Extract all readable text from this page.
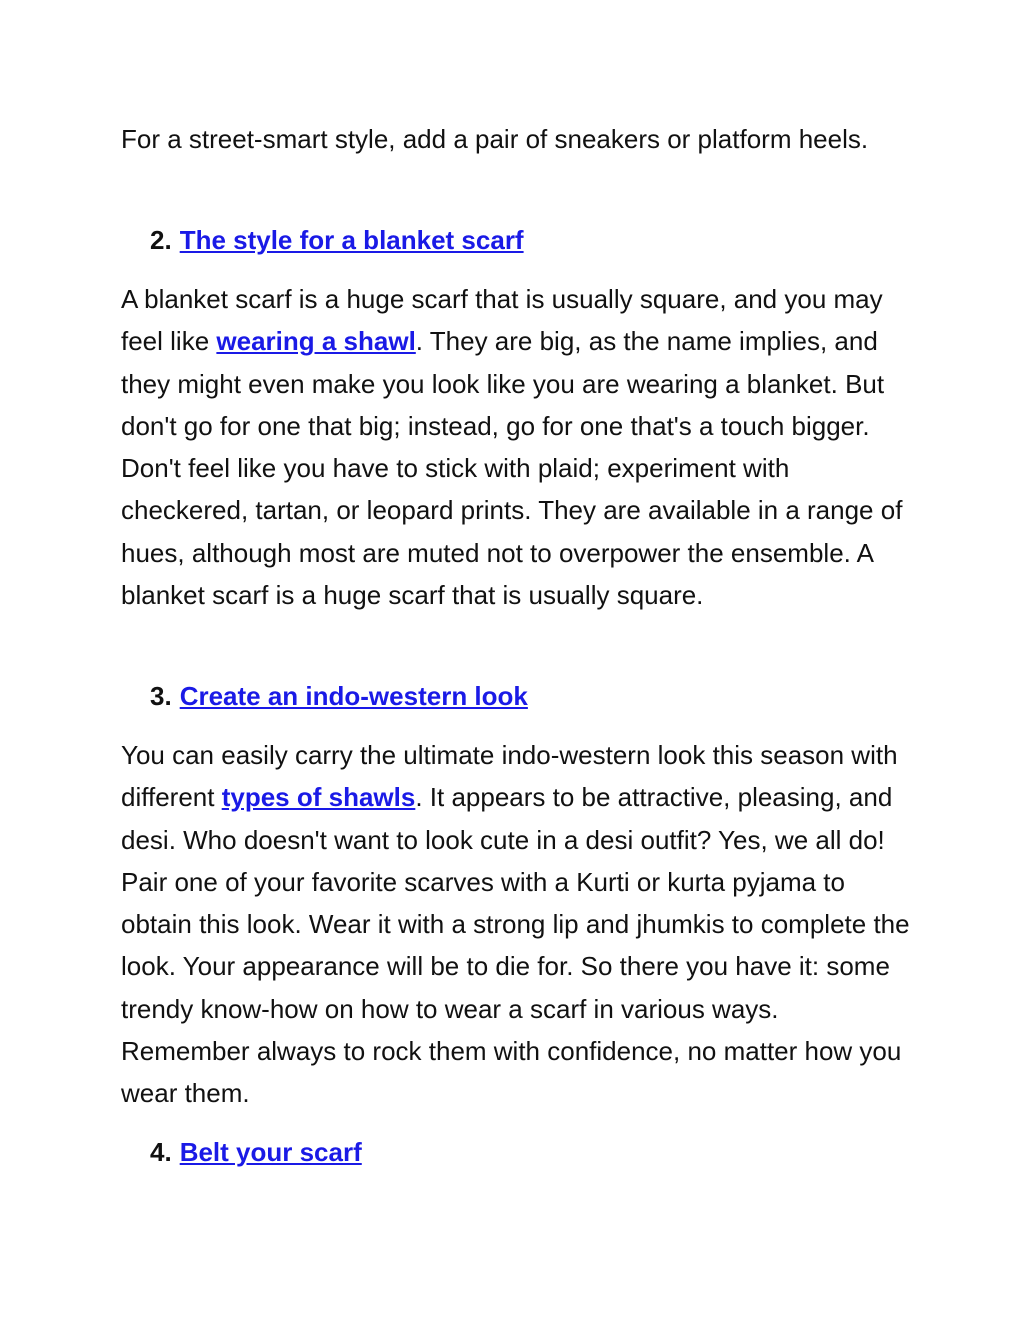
For a street-smart style, add a pair of sneakers or platform heels.

2. The style for a blanket scarf

A blanket scarf is a huge scarf that is usually square, and you may feel like wearing a shawl. They are big, as the name implies, and they might even make you look like you are wearing a blanket. But don't go for one that big; instead, go for one that's a touch bigger. Don't feel like you have to stick with plaid; experiment with checkered, tartan, or leopard prints. They are available in a range of hues, although most are muted not to overpower the ensemble. A blanket scarf is a huge scarf that is usually square.

3. Create an indo-western look

You can easily carry the ultimate indo-western look this season with different types of shawls. It appears to be attractive, pleasing, and desi. Who doesn't want to look cute in a desi outfit? Yes, we all do! Pair one of your favorite scarves with a Kurti or kurta pyjama to obtain this look. Wear it with a strong lip and jhumkis to complete the look. Your appearance will be to die for. So there you have it: some trendy know-how on how to wear a scarf in various ways. Remember always to rock them with confidence, no matter how you wear them.

4. Belt your scarf
